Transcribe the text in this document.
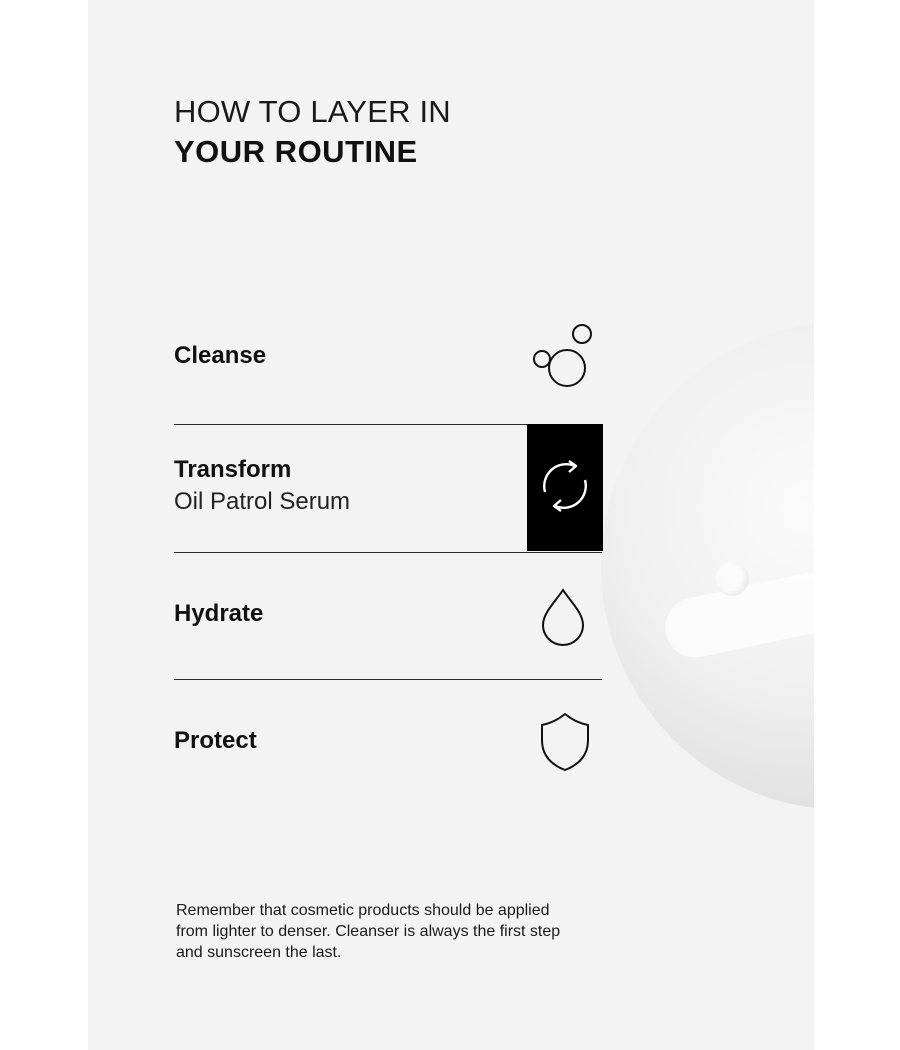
HOW TO LAYER IN
YOUR ROUTINE
Cleanse
Transform
Oil Patrol Serum
Hydrate
Protect

Remember that cosmetic products should be applied from lighter to denser. Cleanser is always the first step and sunscreen the last.
